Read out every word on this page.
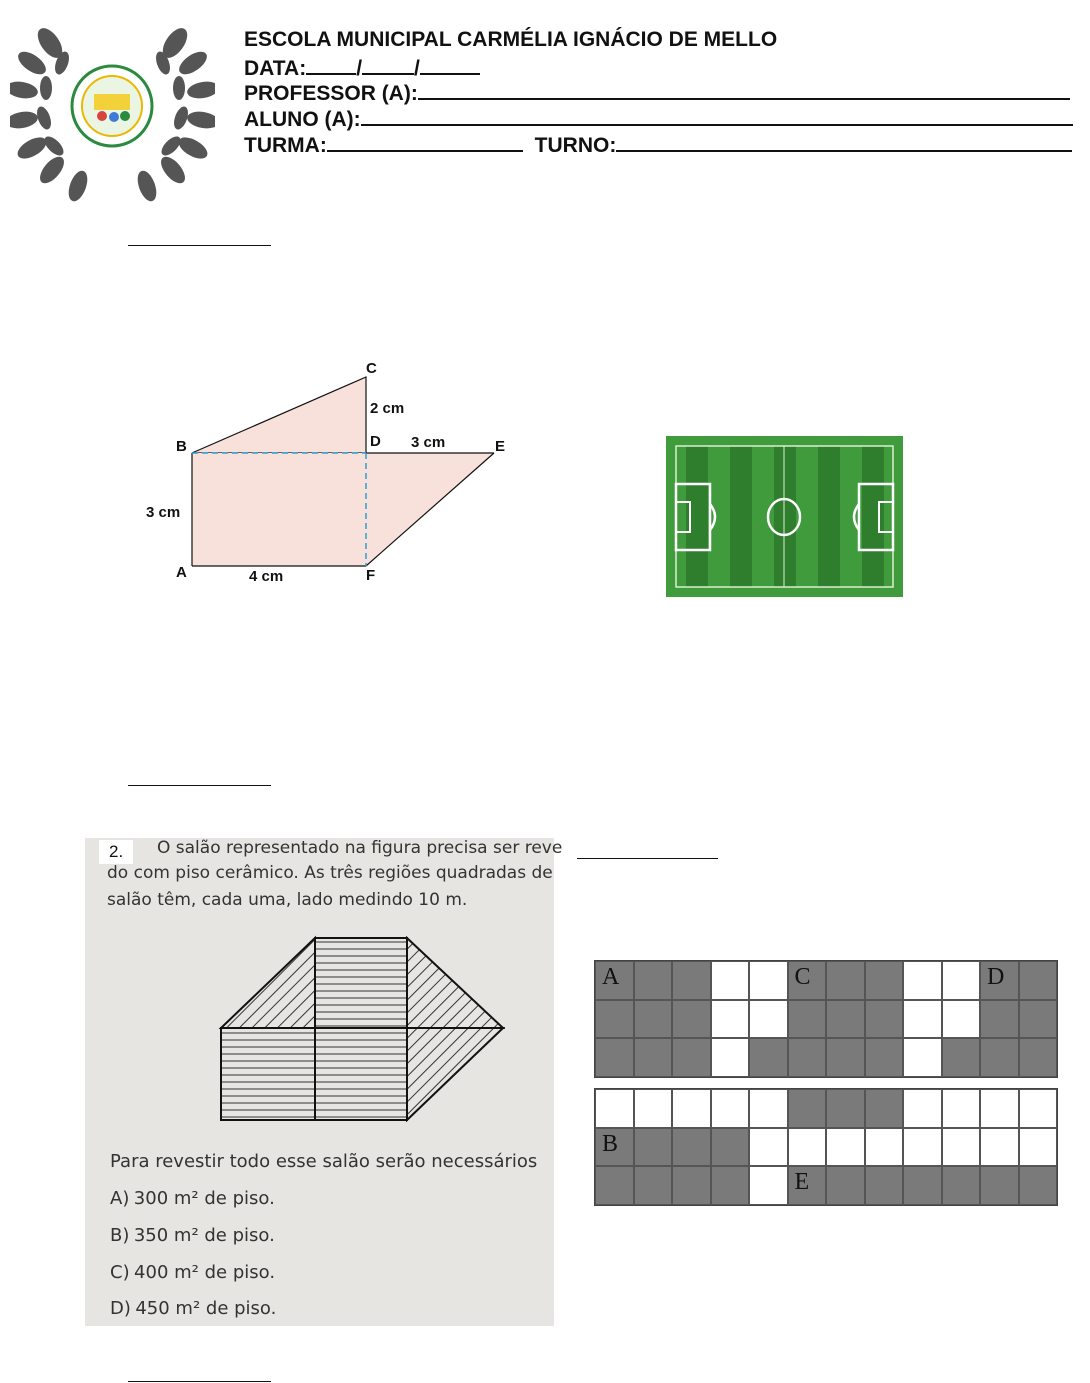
ESCOLA MUNICIPAL CARMÉLIA IGNÁCIO DE MELLO
DATA: / /
PROFESSOR (A):
ALUNO (A):
TURMA:	TURNO:
C
2 cm
B	D 3 cm	E
3 cm
A	4 cm	F
2.	O salão representado na figura precisa ser reve
do com piso cerâmico. As três regiões quadradas de
salão têm, cada uma, lado medindo 10 m.
Para revestir todo esse salão serão necessários
A) 300 m² de piso.
B) 350 m² de piso.
C) 400 m² de piso.
D) 450 m² de piso.
A	C	D
B
E
